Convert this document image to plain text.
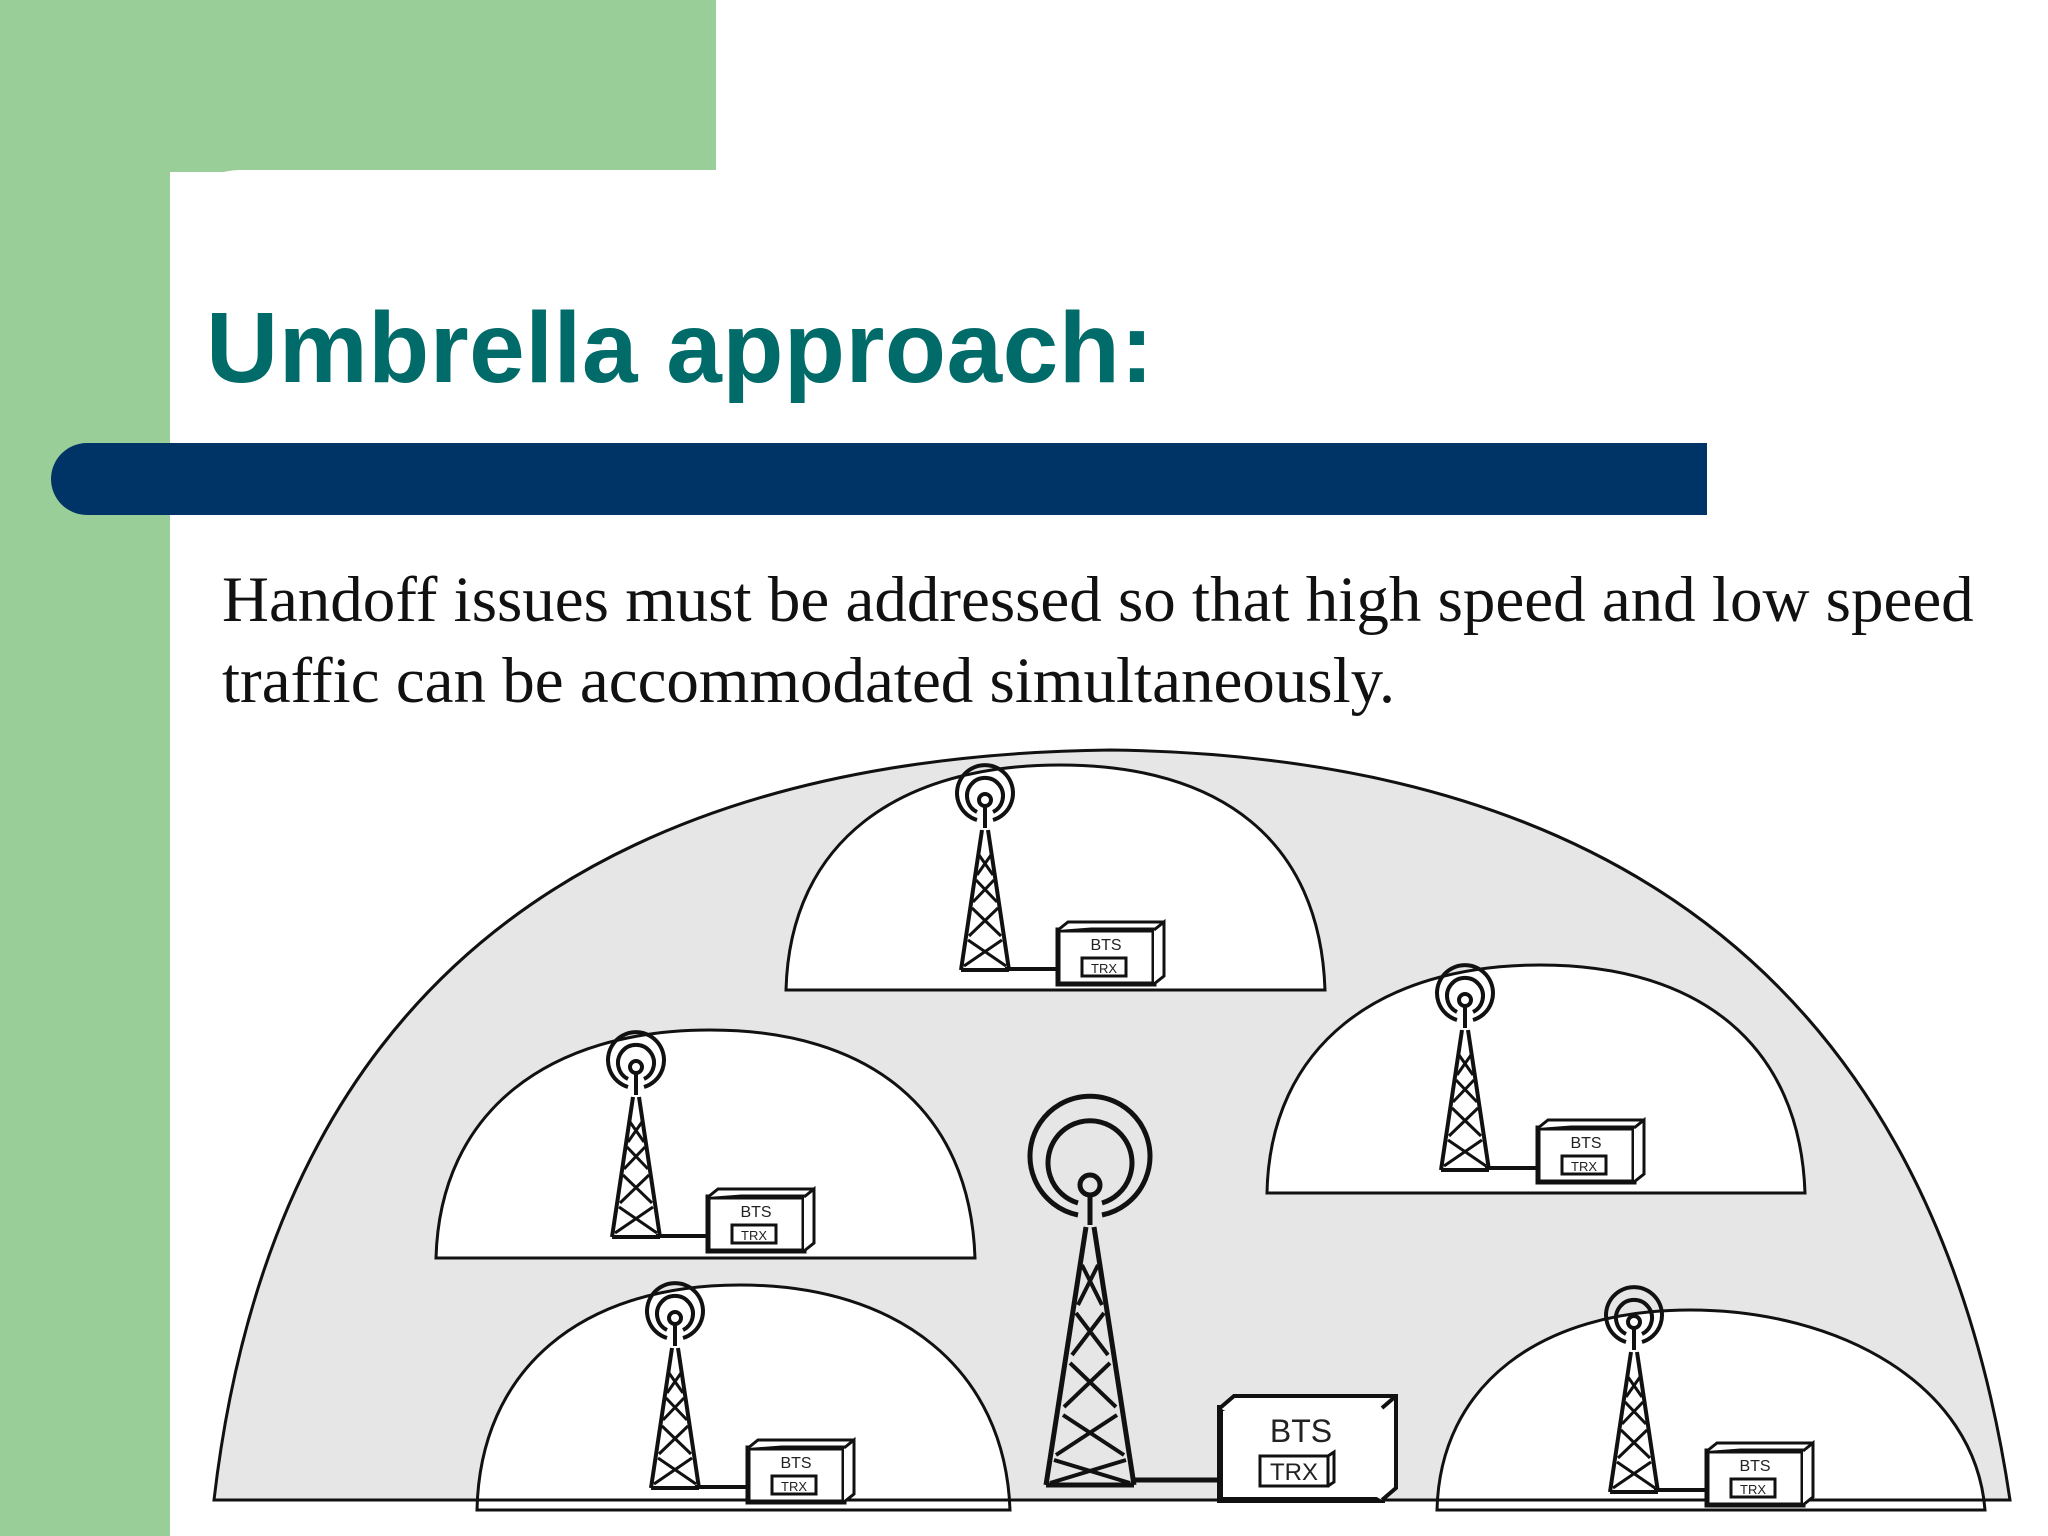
Umbrella approach:

Handoff issues must be addressed so that high speed and low speed traffic can be accommodated simultaneously.

BTS
TRX
BTS
TRX
BTS
TRX
BTS
TRX
BTS
TRX
BTS
TRX
